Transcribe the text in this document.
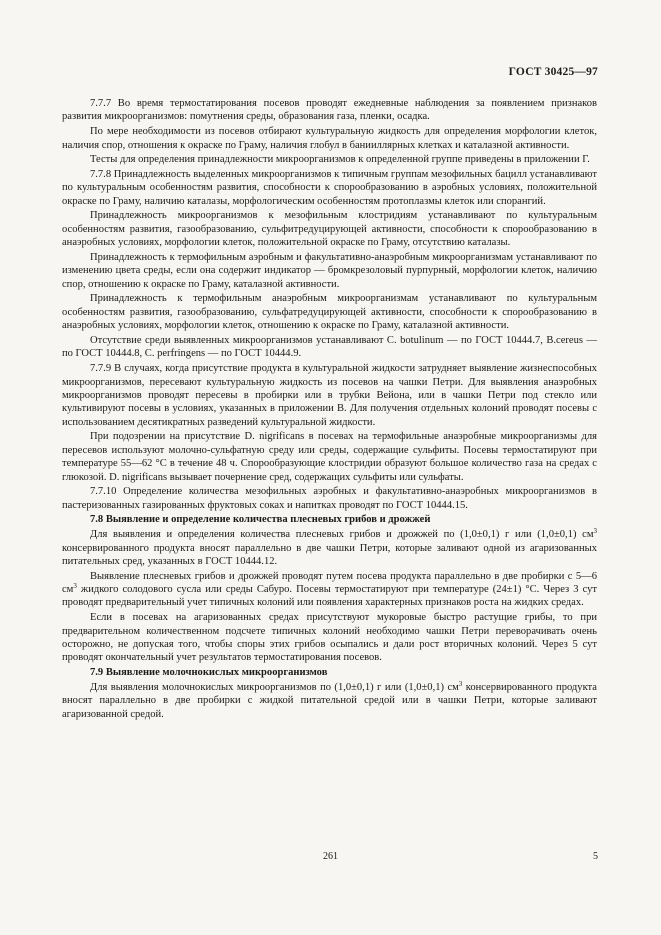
ГОСТ 30425—97

7.7.7 Во время термостатирования посевов проводят ежедневные наблюдения за появлением признаков развития микроорганизмов: помутнения среды, образования газа, пленки, осадка.

По мере необходимости из посевов отбирают культуральную жидкость для определения морфологии клеток, наличия спор, отношения к окраске по Граму, наличия глобул в банииллярных клетках и каталазной активности.

Тесты для определения принадлежности микроорганизмов к определенной группе приведены в приложении Г.

7.7.8 Принадлежность выделенных микроорганизмов к типичным группам мезофильных бацилл устанавливают по культуральным особенностям развития, способности к спорообразованию в аэробных условиях, положительной окраске по Граму, наличию каталазы, морфологическим особенностям протоплазмы клеток или спорангий.

Принадлежность микроорганизмов к мезофильным клостридиям устанавливают по культуральным особенностям развития, газообразованию, сульфитредуцирующей активности, способности к спорообразованию в анаэробных условиях, морфологии клеток, положительной окраске по Граму, отсутствию каталазы.

Принадлежность к термофильным аэробным и факультативно-анаэробным микроорганизмам устанавливают по изменению цвета среды, если она содержит индикатор — бромкрезоловый пурпурный, морфологии клеток, наличию спор, отношению к окраске по Граму, каталазной активности.

Принадлежность к термофильным анаэробным микроорганизмам устанавливают по культуральным особенностям развития, газообразованию, сульфатредуцирующей активности, способности к спорообразованию в анаэробных условиях, морфологии клеток, отношению к окраске по Граму, каталазной активности.

Отсутствие среди выявленных микроорганизмов устанавливают C. botulinum — по ГОСТ 10444.7, B.cereus — по ГОСТ 10444.8, C. perfringens — по ГОСТ 10444.9.

7.7.9 В случаях, когда присутствие продукта в культуральной жидкости затрудняет выявление жизнеспособных микроорганизмов, пересевают культуральную жидкость из посевов на чашки Петри. Для выявления анаэробных микроорганизмов проводят пересевы в пробирки или в трубки Вейона, или в чашки Петри под стекло или культивируют посевы в условиях, указанных в приложении В. Для получения отдельных колоний проводят посевы с использованием десятикратных разведений культуральной жидкости.

При подозрении на присутствие D. nigrificans в посевах на термофильные анаэробные микроорганизмы для пересевов используют молочно-сульфатную среду или среды, содержащие сульфиты. Посевы термостатируют при температуре 55—62 °С в течение 48 ч. Спорообразующие клостридии образуют большое количество газа на средах с глюкозой. D. nigrificans вызывает почернение сред, содержащих сульфиты или сульфаты.

7.7.10 Определение количества мезофильных аэробных и факультативно-анаэробных микроорганизмов в пастеризованных газированных фруктовых соках и напитках проводят по ГОСТ 10444.15.

7.8 Выявление и определение количества плесневых грибов и дрожжей

Для выявления и определения количества плесневых грибов и дрожжей по (1,0±0,1) г или (1,0±0,1) $см^3$ консервированного продукта вносят параллельно в две чашки Петри, которые заливают одной из агаризованных питательных сред, указанных в ГОСТ 10444.12.

Выявление плесневых грибов и дрожжей проводят путем посева продукта параллельно в две пробирки с 5—6 $см^3$ жидкого солодового сусла или среды Сабуро. Посевы термостатируют при температуре (24±1) °С. Через 3 сут проводят предварительный учет типичных колоний или появления характерных признаков роста на жидких средах.

Если в посевах на агаризованных средах присутствуют мукоровые быстро растущие грибы, то при предварительном количественном подсчете типичных колоний необходимо чашки Петри переворачивать очень осторожно, не допуская того, чтобы споры этих грибов осыпались и дали рост вторичных колоний. Через 5 сут проводят окончательный учет результатов термостатирования посевов.

7.9 Выявление молочнокислых микроорганизмов

Для выявления молочнокислых микроорганизмов по (1,0±0,1) г или (1,0±0,1) $см^3$ консервированного продукта вносят параллельно в две пробирки с жидкой питательной средой или в чашки Петри, которые заливают агаризованной средой.

261	5
